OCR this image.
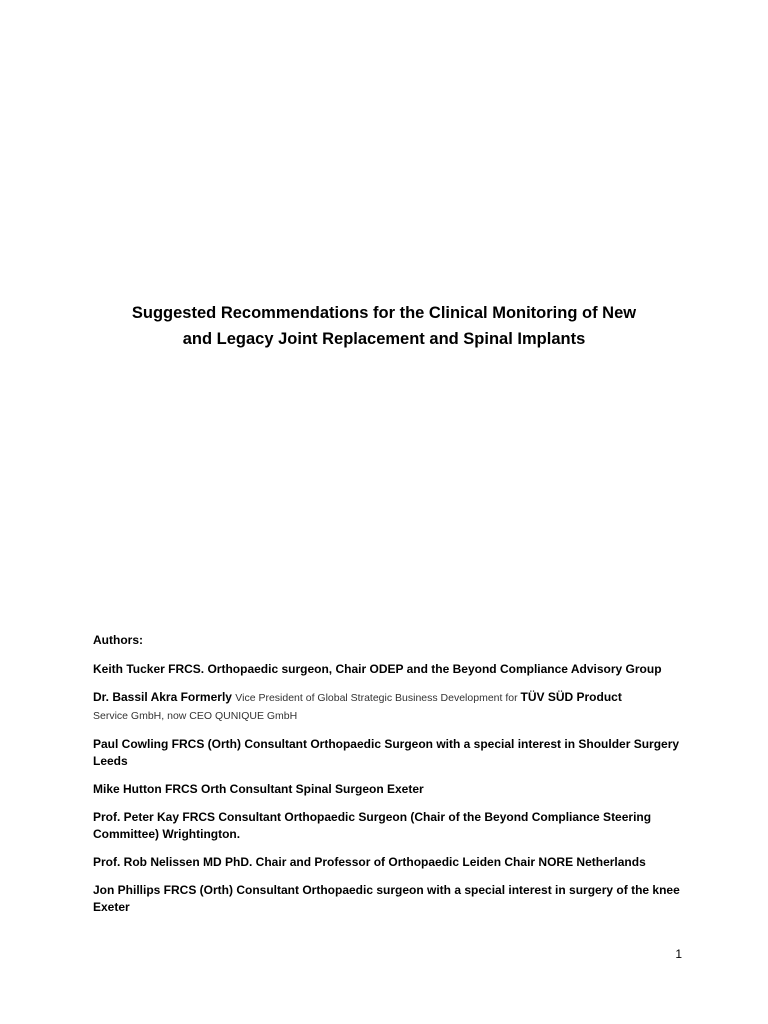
Suggested Recommendations for the Clinical Monitoring of New
and Legacy Joint Replacement and Spinal Implants

Authors:

Keith Tucker FRCS. Orthopaedic surgeon, Chair ODEP and the Beyond Compliance Advisory Group

Dr. Bassil Akra Formerly Vice President of Global Strategic Business Development for TÜV SÜD Product
Service GmbH, now CEO QUNIQUE GmbH

Paul Cowling FRCS (Orth) Consultant Orthopaedic Surgeon with a special interest in Shoulder Surgery Leeds

Mike Hutton FRCS Orth Consultant Spinal Surgeon Exeter

Prof. Peter Kay FRCS Consultant Orthopaedic Surgeon (Chair of the Beyond Compliance Steering Committee) Wrightington.

Prof. Rob Nelissen MD PhD. Chair and Professor of Orthopaedic Leiden Chair NORE Netherlands

Jon Phillips FRCS (Orth) Consultant Orthopaedic surgeon with a special interest in surgery of the knee Exeter

1
